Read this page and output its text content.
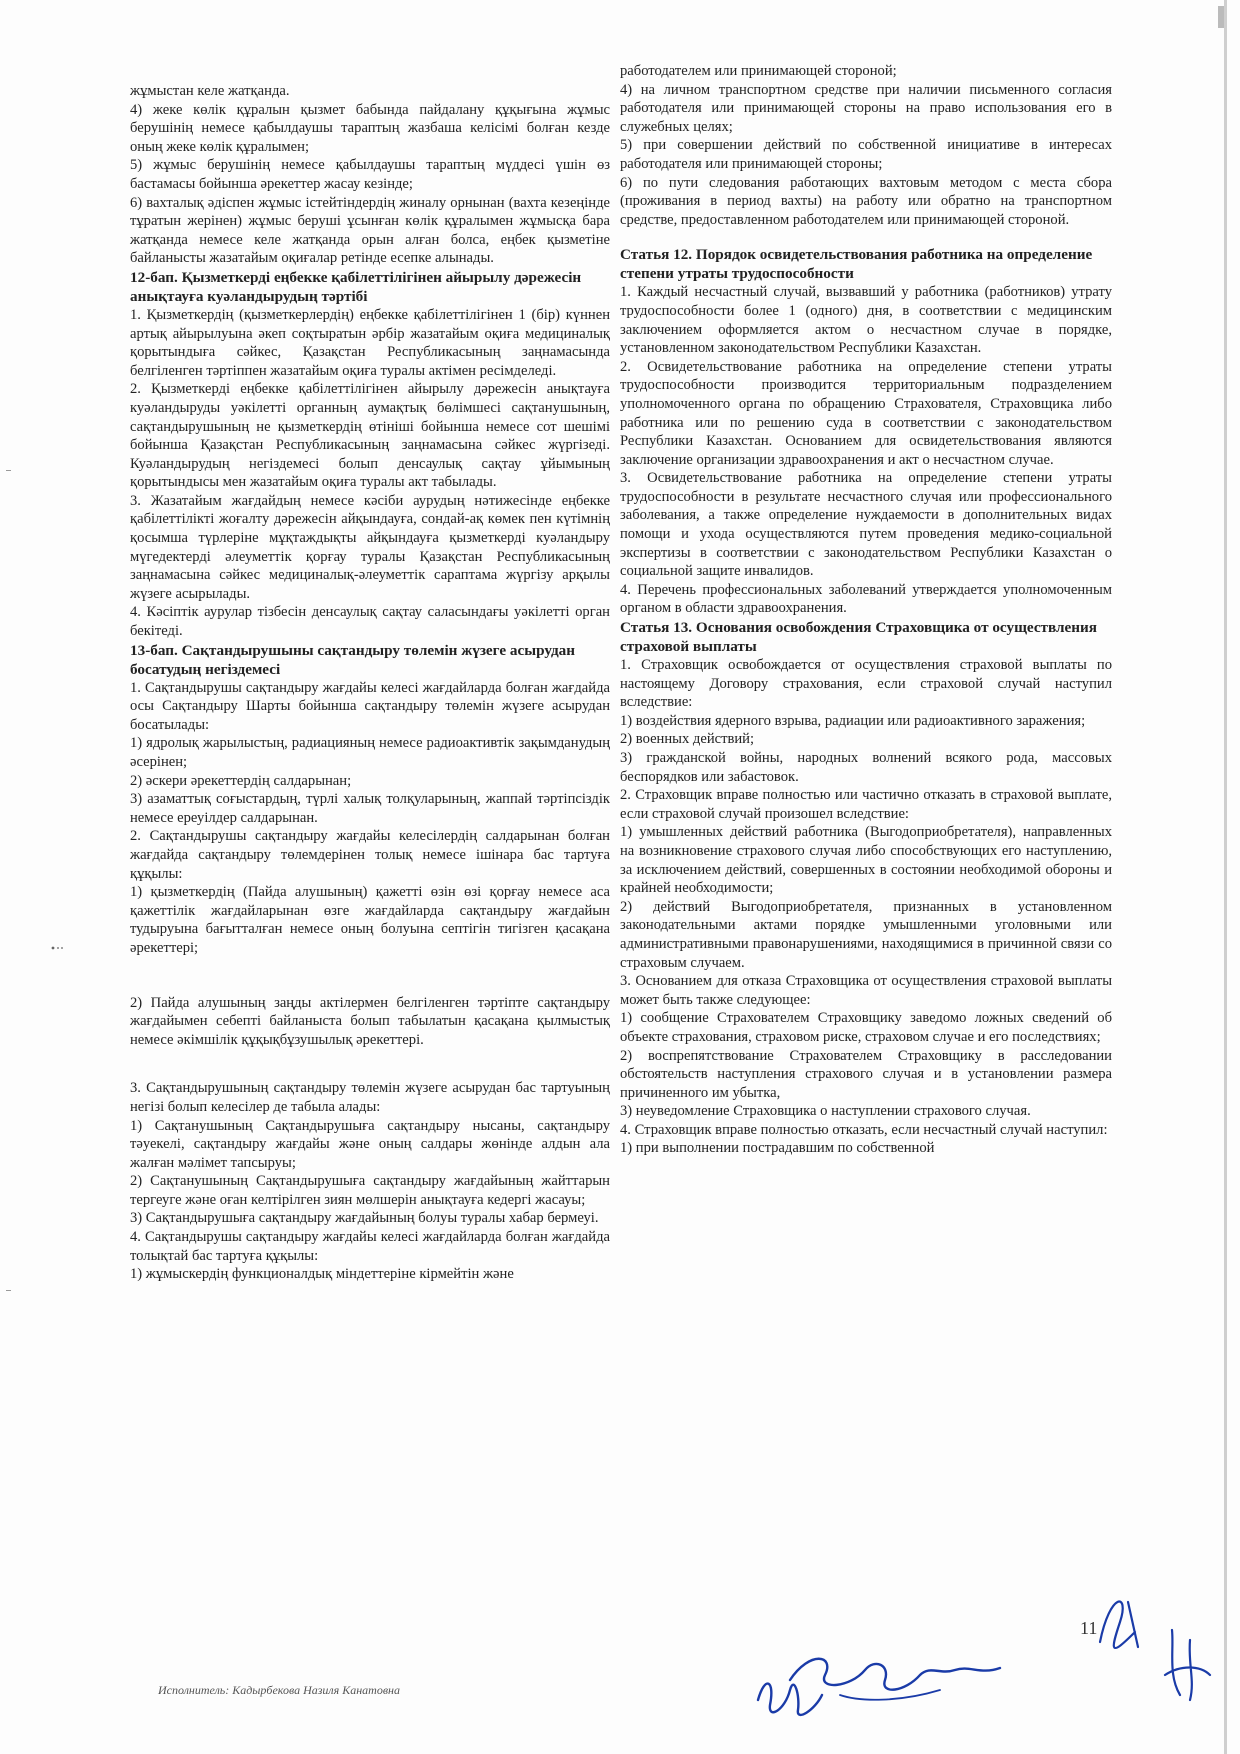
жұмыстан келе жатқанда.

4) жеке көлік құралын қызмет бабында пайдалану құқығына жұмыс берушінің немесе қабылдаушы тараптың жазбаша келісімі болған кезде оның жеке көлік құралымен;

5) жұмыс берушінің немесе қабылдаушы тараптың мүддесі үшін өз бастамасы бойынша әрекеттер жасау кезінде;

6) вахталық әдіспен жұмыс істейтіндердің жиналу орнынан (вахта кезеңінде тұратын жерінен) жұмыс беруші ұсынған көлік құралымен жұмысқа бара жатқанда немесе келе жатқанда орын алған болса, еңбек қызметіне байланысты жазатайым оқиғалар ретінде есепке алынады.

12-бап. Қызметкерді еңбекке қабілеттілігінен айырылу дәрежесін анықтауға куәландырудың тәртібі

1. Қызметкердің (қызметкерлердің) еңбекке қабілеттілігінен 1 (бір) күннен артық айырылуына әкеп соқтыратын әрбір жазатайым оқиға медициналық қорытындыға сәйкес, Қазақстан Республикасының заңнамасында белгіленген тәртіппен жазатайым оқиға туралы актімен ресімделеді.

2. Қызметкерді еңбекке қабілеттілігінен айырылу дәрежесін анықтауға куәландыруды уәкілетті органның аумақтық бөлімшесі сақтанушының, сақтандырушының не қызметкердің өтініші бойынша немесе сот шешімі бойынша Қазақстан Республикасының заңнамасына сәйкес жүргізеді. Куәландырудың негіздемесі болып денсаулық сақтау ұйымының қорытындысы мен жазатайым оқиға туралы акт табылады.

3. Жазатайым жағдайдың немесе кәсіби аурудың нәтижесінде еңбекке қабілеттілікті жоғалту дәрежесін айқындауға, сондай-ақ көмек пен күтімнің қосымша түрлеріне мұқтаждықты айқындауға қызметкерді куәландыру мүгедектерді әлеуметтік қорғау туралы Қазақстан Республикасының заңнамасына сәйкес медициналық-әлеуметтік сараптама жүргізу арқылы жүзеге асырылады.

4. Кәсіптік аурулар тізбесін денсаулық сақтау саласындағы уәкілетті орган бекітеді.

13-бап. Сақтандырушыны сақтандыру төлемін жүзеге асырудан босатудың негіздемесі

1. Сақтандырушы сақтандыру жағдайы келесі жағдайларда болған жағдайда осы Сақтандыру Шарты бойынша сақтандыру төлемін жүзеге асырудан босатылады:

1) ядролық жарылыстың, радиацияның немесе радиоактивтік зақымданудың әсерінен;

2) әскери әрекеттердің салдарынан;

3) азаматтық соғыстардың, түрлі халық толқуларының, жаппай тәртіпсіздік немесе ереуілдер салдарынан.

2. Сақтандырушы сақтандыру жағдайы келесілердің салдарынан болған жағдайда сақтандыру төлемдерінен толық немесе ішінара бас тартуға құқылы:

1) қызметкердің (Пайда алушының) қажетті өзін өзі қорғау немесе аса қажеттілік жағдайларынан өзге жағдайларда сақтандыру жағдайын тудыруына бағытталған немесе оның болуына септігін тигізген қасақана әрекеттері;

2) Пайда алушының заңды актілермен белгіленген тәртіпте сақтандыру жағдайымен себепті байланыста болып табылатын қасақана қылмыстық немесе әкімшілік құқықбұзушылық әрекеттері.

3. Сақтандырушының сақтандыру төлемін жүзеге асырудан бас тартуының негізі болып келесілер де табыла алады:

1) Сақтанушының Сақтандырушыға сақтандыру нысаны, сақтандыру тәуекелі, сақтандыру жағдайы және оның салдары жөнінде алдын ала жалған мәлімет тапсыруы;

2) Сақтанушының Сақтандырушыға сақтандыру жағдайының жайттарын тергеуге және оған келтірілген зиян мөлшерін анықтауға кедергі жасауы;

3) Сақтандырушыға сақтандыру жағдайының болуы туралы хабар бермеуі.

4. Сақтандырушы сақтандыру жағдайы келесі жағдайларда болған жағдайда толықтай бас тартуға құқылы:

1) жұмыскердің функционалдық міндеттеріне кірмейтін және

работодателем или принимающей стороной;

4) на личном транспортном средстве при наличии письменного согласия работодателя или принимающей стороны на право использования его в служебных целях;

5) при совершении действий по собственной инициативе в интересах работодателя или принимающей стороны;

6) по пути следования работающих вахтовым методом с места сбора (проживания в период вахты) на работу или обратно на транспортном средстве, предоставленном работодателем или принимающей стороной.

Статья 12. Порядок освидетельствования работника на определение степени утраты трудоспособности

1. Каждый несчастный случай, вызвавший у работника (работников) утрату трудоспособности более 1 (одного) дня, в соответствии с медицинским заключением оформляется актом о несчастном случае в порядке, установленном законодательством Республики Казахстан.

2. Освидетельствование работника на определение степени утраты трудоспособности производится территориальным подразделением уполномоченного органа по обращению Страхователя, Страховщика либо работника или по решению суда в соответствии с законодательством Республики Казахстан. Основанием для освидетельствования являются заключение организации здравоохранения и акт о несчастном случае.

3. Освидетельствование работника на определение степени утраты трудоспособности в результате несчастного случая или профессионального заболевания, а также определение нуждаемости в дополнительных видах помощи и ухода осуществляются путем проведения медико-социальной экспертизы в соответствии с законодательством Республики Казахстан о социальной защите инвалидов.

4. Перечень профессиональных заболеваний утверждается уполномоченным органом в области здравоохранения.

Статья 13. Основания освобождения Страховщика от осуществления страховой выплаты

1. Страховщик освобождается от осуществления страховой выплаты по настоящему Договору страхования, если страховой случай наступил вследствие:

1) воздействия ядерного взрыва, радиации или радиоактивного заражения;

2) военных действий;

3) гражданской войны, народных волнений всякого рода, массовых беспорядков или забастовок.

2. Страховщик вправе полностью или частично отказать в страховой выплате, если страховой случай произошел вследствие:

1) умышленных действий работника (Выгодоприобретателя), направленных на возникновение страхового случая либо способствующих его наступлению, за исключением действий, совершенных в состоянии необходимой обороны и крайней необходимости;

2) действий Выгодоприобретателя, признанных в установленном законодательными актами порядке умышленными уголовными или административными правонарушениями, находящимися в причинной связи со страховым случаем.

3. Основанием для отказа Страховщика от осуществления страховой выплаты может быть также следующее:

1) сообщение Страхователем Страховщику заведомо ложных сведений об объекте страхования, страховом риске, страховом случае и его последствиях;

2) воспрепятствование Страхователем Страховщику в расследовании обстоятельств наступления страхового случая и в установлении размера причиненного им убытка,

3) неуведомление Страховщика о наступлении страхового случая.

4. Страховщик вправе полностью отказать, если несчастный случай наступил:

1) при выполнении пострадавшим по собственной

11
Исполнитель: Кадырбекова Назиля Канатовна
